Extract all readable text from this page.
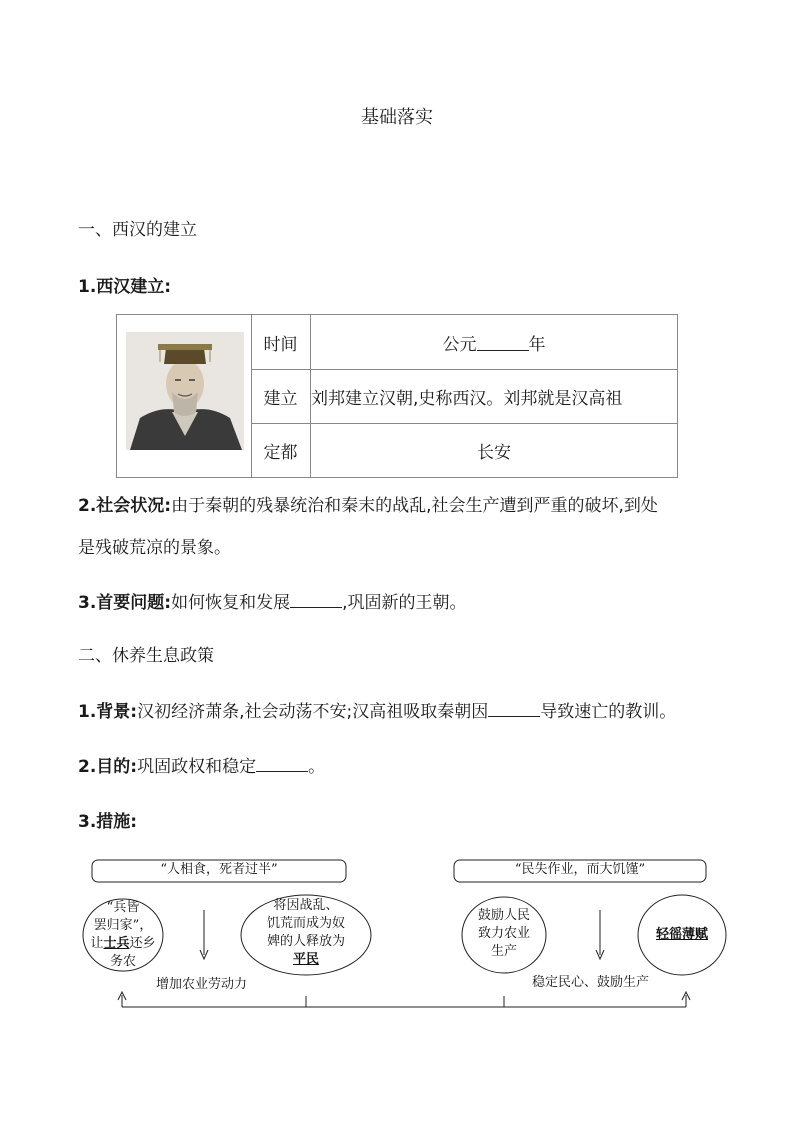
基础落实
一、西汉的建立
1.西汉建立:
时间	公元	年
建立 刘邦建立汉朝,史称西汉。刘邦就是汉高祖
定都	长安
2.社会状况:由于秦朝的残暴统治和秦末的战乱,社会生产遭到严重的破坏,到处
是残破荒凉的景象。
3.首要问题:如何恢复和发展	,巩固新的王朝。
二、休养生息政策
1.背景:汉初经济萧条,社会动荡不安;汉高祖吸取秦朝因	导致速亡的教训。
2.目的:巩固政权和稳定	。
3.措施:
“人相食，死者过半”	“民失作业，而大饥馑”
“兵皆
罢归家”，
让士兵还乡
务农
将因战乱、
饥荒而成为奴
婢的人释放为
平民
鼓励人民
致力农业
生产
轻徭薄赋
增加农业劳动力	稳定民心、鼓励生产
